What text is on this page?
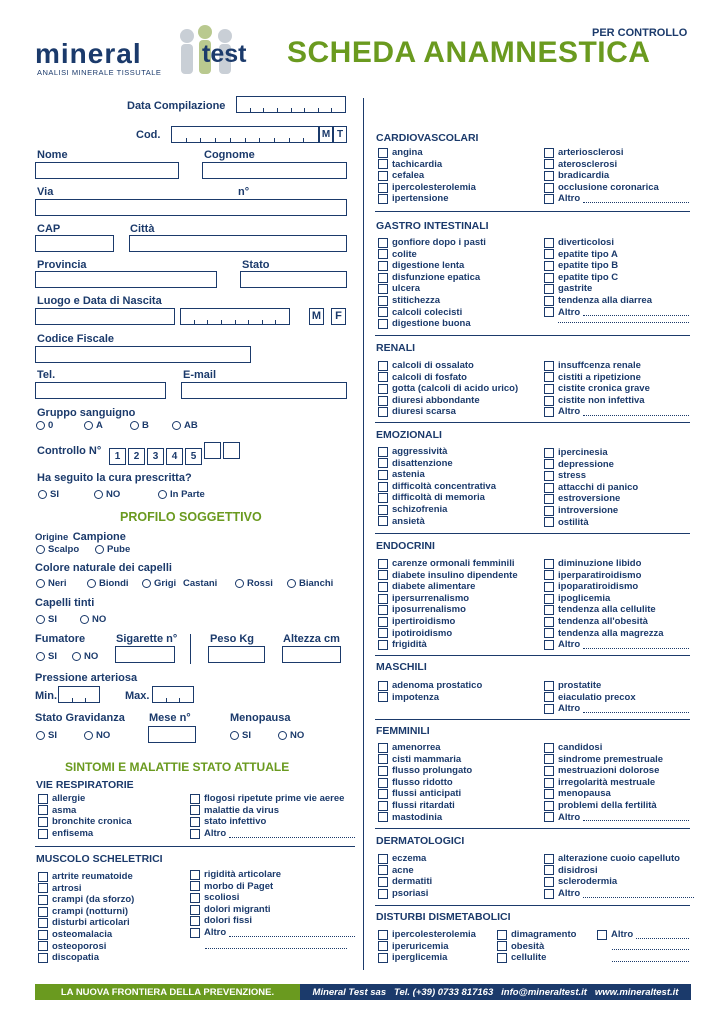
mineral test
ANALISI MINERALE TISSUTALE
PER CONTROLLO
SCHEDA ANAMNESTICA
Data Compilazione
Cod.	M T
Nome	Cognome
Via	n°
CAP	Città
Provincia	Stato
Luogo e Data di Nascita
M	F
Codice Fiscale
Tel.	E-mail
Gruppo sanguigno
0	A	B	AB
Controllo N°	1 2 3 4 5
Ha seguito la cura prescritta?
SI	NO	In Parte
PROFILO SOGGETTIVO
Origine Campione
Scalpo	Pube
Colore naturale dei capelli
Neri	Biondi	Grigi Castani	Rossi	Bianchi
Capelli tinti
SI	NO
Fumatore	Sigarette n°	Peso Kg	Altezza cm
SI	NO
Pressione arteriosa
Min.	Max.
Stato Gravidanza Mese n°	Menopausa
SI	NO	SI	NO
SINTOMI E MALATTIE STATO ATTUALE
VIE RESPIRATORIE
allergie
asma
bronchite cronica
enfisema
flogosi ripetute prime vie aeree
malattie da virus
stato infettivo
Altro
MUSCOLO SCHELETRICI
artrite reumatoide
artrosi
crampi (da sforzo)
crampi (notturni)
disturbi articolari
osteomalacia
osteoporosi
discopatia
rigidità articolare
morbo di Paget
scoliosi
dolori migranti
dolori fissi
Altro
CARDIOVASCOLARI
angina
tachicardia
cefalea
ipercolesterolemia
ipertensione
arteriosclerosi
aterosclerosi
bradicardia
occlusione coronarica
Altro
GASTRO INTESTINALI
gonfiore dopo i pasti
colite
digestione lenta
disfunzione epatica
ulcera
stitichezza
calcoli colecisti
digestione buona
diverticolosi
epatite tipo A
epatite tipo B
epatite tipo C
gastrite
tendenza alla diarrea
Altro
RENALI
calcoli di ossalato
calcoli di fosfato
gotta (calcoli di acido urico)
diuresi abbondante
diuresi scarsa
insuffcenza renale
cistiti a ripetizione
cistite cronica grave
cistite non infettiva
Altro
EMOZIONALI
aggressività
disattenzione
astenia
difficoltà concentrativa
difficoltà di memoria
schizofrenia
ansietà
ipercinesia
depressione
stress
attacchi di panico
estroversione
introversione
ostilità
ENDOCRINI
carenze ormonali femminili
diabete insulino dipendente
diabete alimentare
ipersurrenalismo
iposurrenalismo
ipertiroidismo
ipotiroidismo
frigidità
diminuzione libido
iperparatiroidismo
ipoparatiroidismo
ipoglicemia
tendenza alla cellulite
tendenza all'obesità
tendenza alla magrezza
Altro
MASCHILI
adenoma prostatico
impotenza
prostatite
eiaculatio precox
Altro
FEMMINILI
amenorrea
cisti mammaria
flusso prolungato
flusso ridotto
flussi anticipati
flussi ritardati
mastodinia
candidosi
sindrome premestruale
mestruazioni dolorose
irregolarità mestruale
menopausa
problemi della fertilità
Altro
DERMATOLOGICI
eczema
acne
dermatiti
psoriasi
alterazione cuoio capelluto
disidrosi
sclerodermia
Altro
DISTURBI DISMETABOLICI
ipercolesterolemia
iperuricemia
iperglicemia
dimagramento
obesità
cellulite
Altro
LA NUOVA FRONTIERA DELLA PREVENZIONE.	Mineral Test sas   Tel. (+39) 0733 817163   info@mineraltest.it   www.mineraltest.it
